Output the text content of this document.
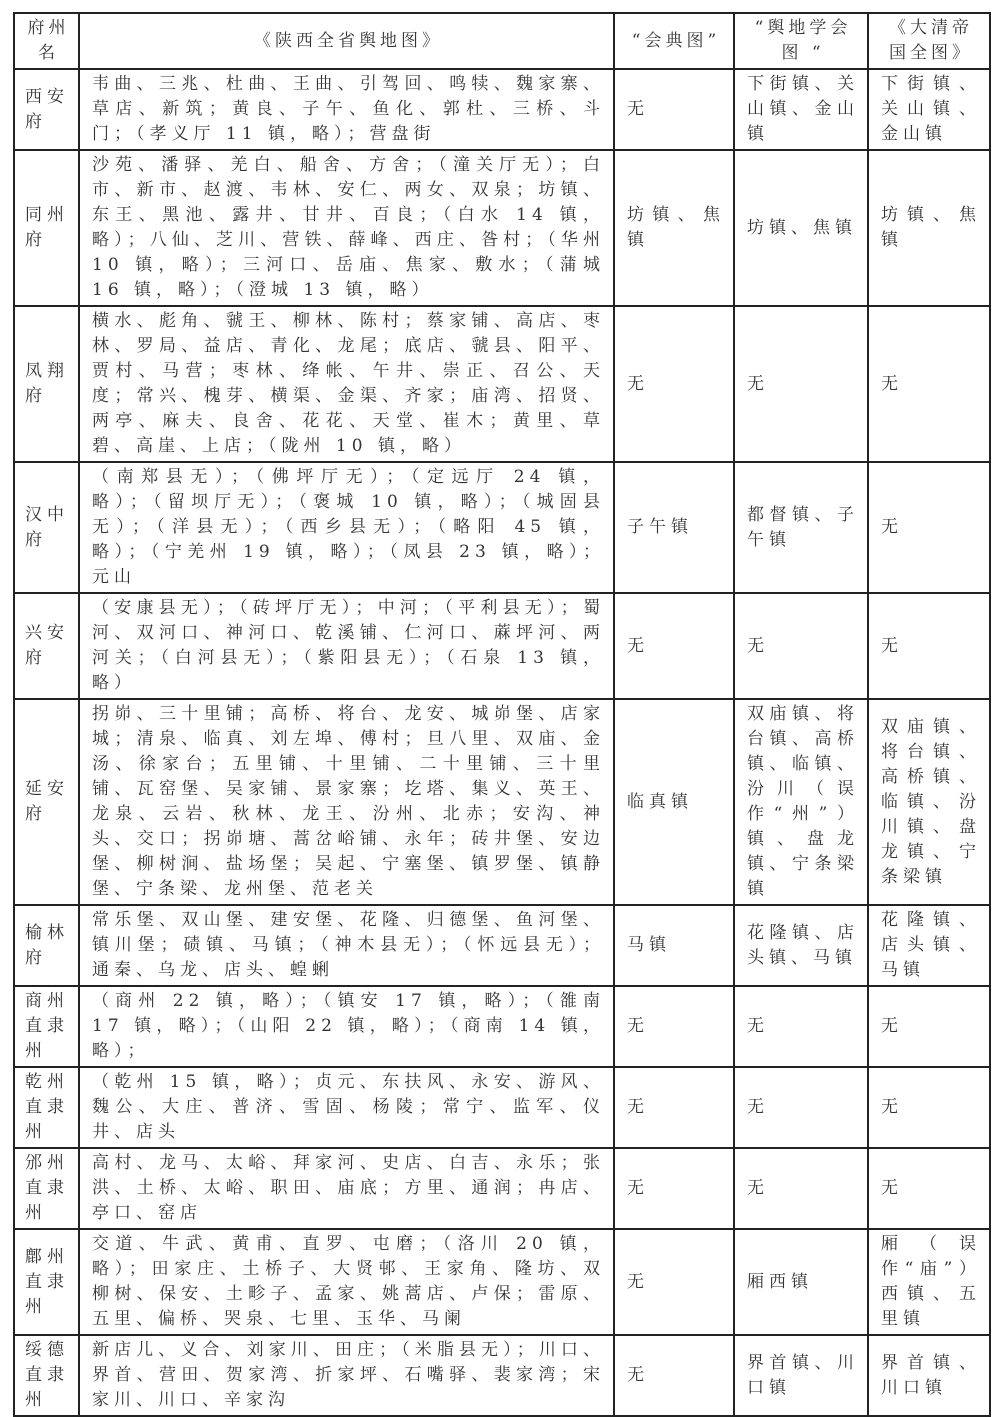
府州名	《陕西全省舆地图》	“会典图”	“舆地学会图 “	《大清帝国全图》
西安府	韦曲、三兆、杜曲、王曲、引驾回、鸣犊、魏家寨、草店、新筑；黄良、子午、鱼化、郭杜、三桥、斗门；（孝义厅 11 镇，略）；营盘街	无	下街镇、关山镇、金山镇	下街镇、关山镇、金山镇
同州府	沙苑、潘驿、羌白、船舍、方舍；（潼关厅无）；白市、新市、赵渡、韦林、安仁、两女、双泉；坊镇、东王、黑池、露井、甘井、百良；（白水 14 镇，略）；八仙、芝川、营铁、薛峰、西庄、昝村；（华州 10 镇，略）；三河口、岳庙、焦家、敷水；（蒲城 16 镇，略）；（澄城 13 镇，略）	坊镇、焦镇	坊镇、焦镇	坊镇、焦镇
凤翔府	横水、彪角、虢王、柳林、陈村；蔡家铺、高店、枣林、罗局、益店、青化、龙尾；底店、虢县、阳平、贾村、马营；枣林、绛帐、午井、崇正、召公、天度；常兴、槐芽、横渠、金渠、齐家；庙湾、招贤、两亭、麻夫、良舍、花花、天堂、崔木；黄里、草碧、高崖、上店；（陇州 10 镇，略）	无	无	无
汉中府	（南郑县无）；（佛坪厅无）；（定远厅 24 镇，略）；（留坝厅无）；（褒城 10 镇，略）；（城固县无）；（洋县无）；（西乡县无）；（略阳 45 镇，略）；（宁羌州 19 镇，略）；（凤县 23 镇，略）；元山	子午镇	都督镇、子午镇	无
兴安府	（安康县无）；（砖坪厅无）；中河；（平利县无）；蜀河、双河口、神河口、乾溪铺、仁河口、蔴坪河、两河关；（白河县无）；（紫阳县无）；（石泉 13 镇，略）	无	无	无
延安府	拐峁、三十里铺；高桥、将台、龙安、城峁堡、店家城；清泉、临真、刘左埠、傅村；旦八里、双庙、金汤、徐家台；五里铺、十里铺、二十里铺、三十里铺、瓦窑堡、吴家铺、景家寨；圪塔、集义、英王、龙泉、云岩、秋林、龙王、汾州、北赤；安沟、神头、交口；拐峁塘、蒿岔峪铺、永年；砖井堡、安边堡、柳树涧、盐场堡；吴起、宁塞堡、镇罗堡、镇静堡、宁条梁、龙州堡、范老关	临真镇	双庙镇、将台镇、高桥镇、临镇、汾川（误作“州”）镇、盘龙镇、宁条梁镇	双庙镇、将台镇、高桥镇、临镇、汾川镇、盘龙镇、宁条梁镇
榆林府	常乐堡、双山堡、建安堡、花隆、归德堡、鱼河堡、镇川堡；碛镇、马镇；（神木县无）；（怀远县无）；通秦、乌龙、店头、蝗蜊	马镇	花隆镇、店头镇、马镇	花隆镇、店头镇、马镇
商州直隶州	（商州 22 镇，略）；（镇安 17 镇，略）；（雒南 17 镇，略）；（山阳 22 镇，略）；（商南 14 镇，略）；	无	无	无
乾州直隶州	（乾州 15 镇，略）；贞元、东扶风、永安、游风、魏公、大庄、普济、雪固、杨陵；常宁、监军、仪井、店头	无	无	无
邠州直隶州	高村、龙马、太峪、拜家河、史店、白吉、永乐；张洪、土桥、太峪、职田、庙底；方里、通润；冉店、亭口、窑店	无	无	无
鄜州直隶州	交道、牛武、黄甫、直罗、屯磨；（洛川 20 镇，略）；田家庄、土桥子、大贤邨、王家角、隆坊、双柳树、保安、土畛子、孟家、姚蒿店、卢保；雷原、五里、偏桥、哭泉、七里、玉华、马阑	无	厢西镇	厢（误作“庙”）西镇、五里镇
绥德直隶州	新店儿、义合、刘家川、田庄；（米脂县无）；川口、界首、营田、贺家湾、折家坪、石嘴驿、裴家湾；宋家川、川口、辛家沟	无	界首镇、川口镇	界首镇、川口镇
